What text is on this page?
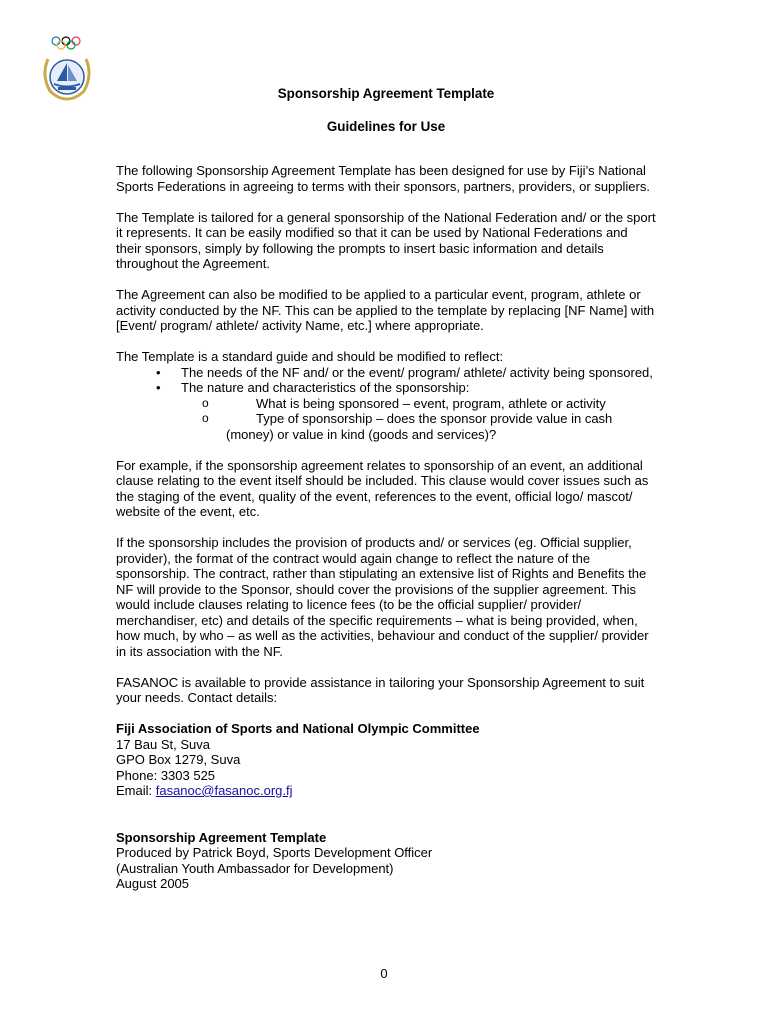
Sponsorship Agreement Template
Guidelines for Use

The following Sponsorship Agreement Template has been designed for use by Fiji’s National Sports Federations in agreeing to terms with their sponsors, partners, providers, or suppliers.

The Template is tailored for a general sponsorship of the National Federation and/ or the sport it represents. It can be easily modified so that it can be used by National Federations and their sponsors, simply by following the prompts to insert basic information and details throughout the Agreement.

The Agreement can also be modified to be applied to a particular event, program, athlete or activity conducted by the NF. This can be applied to the template by replacing [NF Name] with [Event/ program/ athlete/ activity Name, etc.] where appropriate.

The Template is a standard guide and should be modified to reflect:

• The needs of the NF and/ or the event/ program/ athlete/ activity being sponsored,
• The nature and characteristics of the sponsorship:
o	What is being sponsored – event, program, athlete or activity
o	Type of sponsorship – does the sponsor provide value in cash (money) or value in kind (goods and services)?

For example, if the sponsorship agreement relates to sponsorship of an event, an additional clause relating to the event itself should be included. This clause would cover issues such as the staging of the event, quality of the event, references to the event, official logo/ mascot/ website of the event, etc.

If the sponsorship includes the provision of products and/ or services (eg. Official supplier, provider), the format of the contract would again change to reflect the nature of the sponsorship. The contract, rather than stipulating an extensive list of Rights and Benefits the NF will provide to the Sponsor, should cover the provisions of the supplier agreement. This would include clauses relating to licence fees (to be the official supplier/ provider/ merchandiser, etc) and details of the specific requirements – what is being provided, when, how much, by who – as well as the activities, behaviour and conduct of the supplier/ provider in its association with the NF.

FASANOC is available to provide assistance in tailoring your Sponsorship Agreement to suit your needs. Contact details:

Fiji Association of Sports and National Olympic Committee
17 Bau St, Suva
GPO Box 1279, Suva
Phone: 3303 525
Email: fasanoc@fasanoc.org.fj
Sponsorship Agreement Template
Produced by Patrick Boyd, Sports Development Officer
(Australian Youth Ambassador for Development)
August 2005
0
